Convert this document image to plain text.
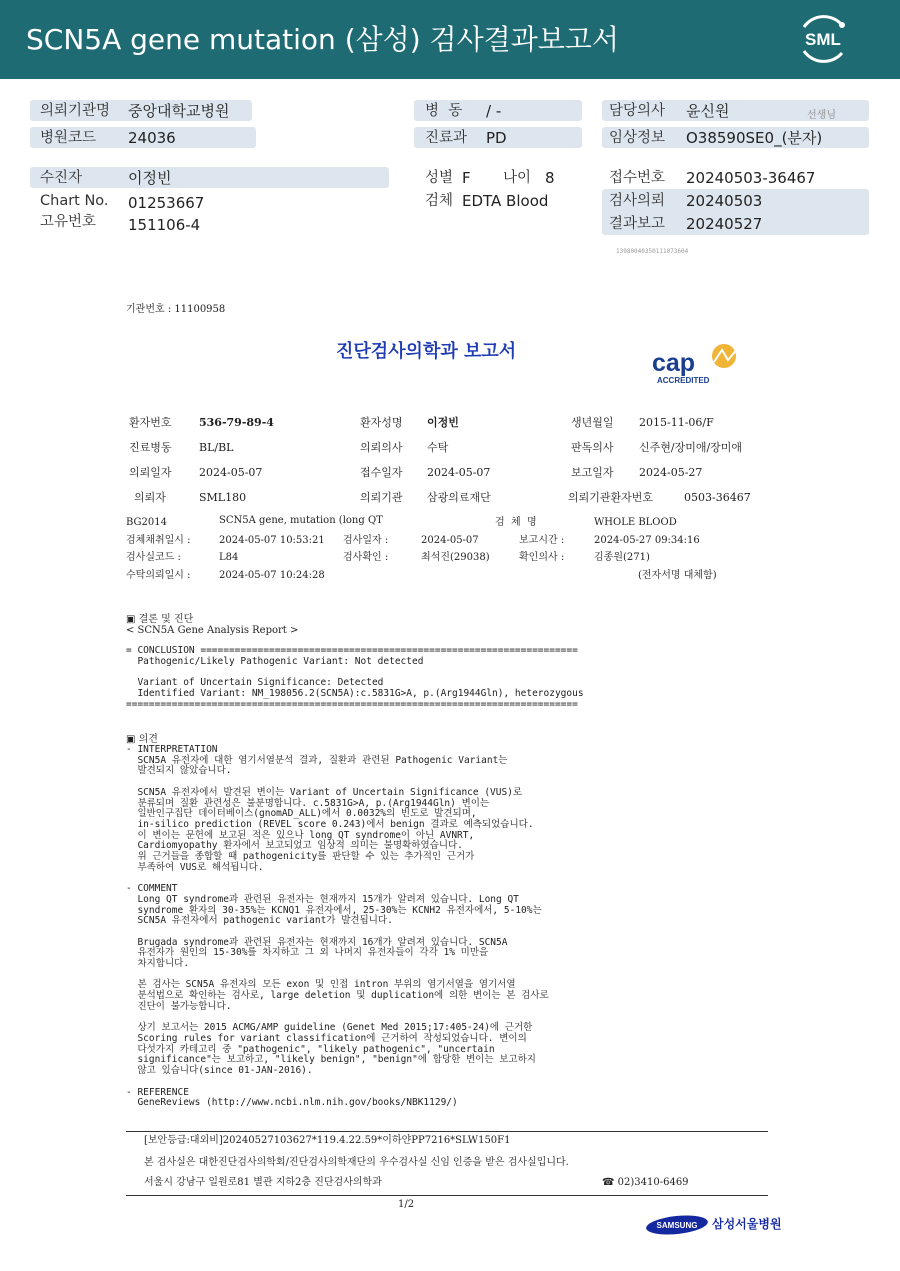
SCN5A gene mutation (삼성) 검사결과보고서	SML
의뢰기관명 중앙대학교병원
병원코드 24036
수진자	이정빈
Chart No. 01253667
고유번호 151106-4
병  동 / -
진료과 PD
성별 F 나이 8
검체 EDTA Blood
담당의사 윤신원	선생님
임상정보 O38590SE0_(분자)
접수번호 20240503-36467
검사의뢰 20240503
결과보고 20240527
13980040350111073604
기관번호 : 11100958
진단검사의학과 보고서	cap
ACCREDITED
환자번호 536-79-89-4	환자성명 이정빈	생년월일 2015-11-06/F
진료병동 BL/BL	의뢰의사 수탁	판독의사 신주현/장미애/장미애
의뢰일자 2024-05-07	접수일자 2024-05-07	보고일자 2024-05-27
의뢰자	SML180	의뢰기관 삼광의료재단	의뢰기관환자번호	0503-36467
BG2014	SCN5A gene, mutation (long QT	검  체  명	WHOLE BLOOD
검체채취일시 :	2024-05-07 10:53:21 검사일자 :	2024-05-07	보고시간 :	2024-05-27 09:34:16
검사실코드 :	L84	검사확인 :	최석진(29038)	확인의사 :	김종원(271)
수탁의뢰일시 :	2024-05-07 10:24:28	(전자서명 대체함)
▣ 결론 및 진단
< SCN5A Gene Analysis Report >
= CONCLUSION ==================================================================
Pathogenic/Likely Pathogenic Variant: Not detected

Variant of Uncertain Significance: Detected
Identified Variant: NM_198056.2(SCN5A):c.5831G>A, p.(Arg1944Gln), heterozygous
===============================================================================
▣ 의견
- INTERPRETATION
SCN5A 유전자에 대한 염기서열분석 결과, 질환과 관련된 Pathogenic Variant는
발견되지 않았습니다.

SCN5A 유전자에서 발견된 변이는 Variant of Uncertain Significance (VUS)로
분류되며 질환 관련성은 불분명합니다. c.5831G>A, p.(Arg1944Gln) 변이는
일반인구집단 데이터베이스(gnomAD_ALL)에서 0.0032%의 빈도로 발견되며,
in-silico prediction (REVEL score 0.243)에서 benign 결과로 예측되었습니다.
이 변이는 문헌에 보고된 적은 있으나 long QT syndrome이 아닌 AVNRT,
Cardiomyopathy 환자에서 보고되었고 임상적 의미는 불명확하였습니다.
위 근거들을 종합할 때 pathogenicity를 판단할 수 있는 추가적인 근거가
부족하여 VUS로 해석됩니다.

- COMMENT
Long QT syndrome과 관련된 유전자는 현재까지 15개가 알려져 있습니다. Long QT
syndrome 환자의 30-35%는 KCNQ1 유전자에서, 25-30%는 KCNH2 유전자에서, 5-10%는
SCN5A 유전자에서 pathogenic variant가 발견됩니다.

Brugada syndrome과 관련된 유전자는 현재까지 16개가 알려져 있습니다. SCN5A
유전자가 원인의 15-30%를 차지하고 그 외 나머지 유전자들이 각각 1% 미만을
차지합니다.

본 검사는 SCN5A 유전자의 모든 exon 및 인접 intron 부위의 염기서열을 염기서열
분석법으로 확인하는 검사로, large deletion 및 duplication에 의한 변이는 본 검사로
진단이 불가능합니다.

상기 보고서는 2015 ACMG/AMP guideline (Genet Med 2015;17:405-24)에 근거한
Scoring rules for variant classification에 근거하여 작성되었습니다. 변이의
다섯가지 카테고리 중 "pathogenic", "likely pathogenic", "uncertain
significance"는 보고하고, "likely benign", "benign"에 합당한 변이는 보고하지
않고 있습니다(since 01-JAN-2016).

- REFERENCE
GeneReviews (http://www.ncbi.nlm.nih.gov/books/NBK1129/)
[보안등급:대외비]20240527103627*119.4.22.59*이하얀PP7216*SLW150F1
본 검사실은 대한진단검사의학회/진단검사의학재단의 우수검사실 신임 인증을 받은 검사실입니다.
서울시 강남구 일원로81 별관 지하2층 진단검사의학과	☎ 02)3410-6469
1/2
SAMSUNG 삼성서울병원
